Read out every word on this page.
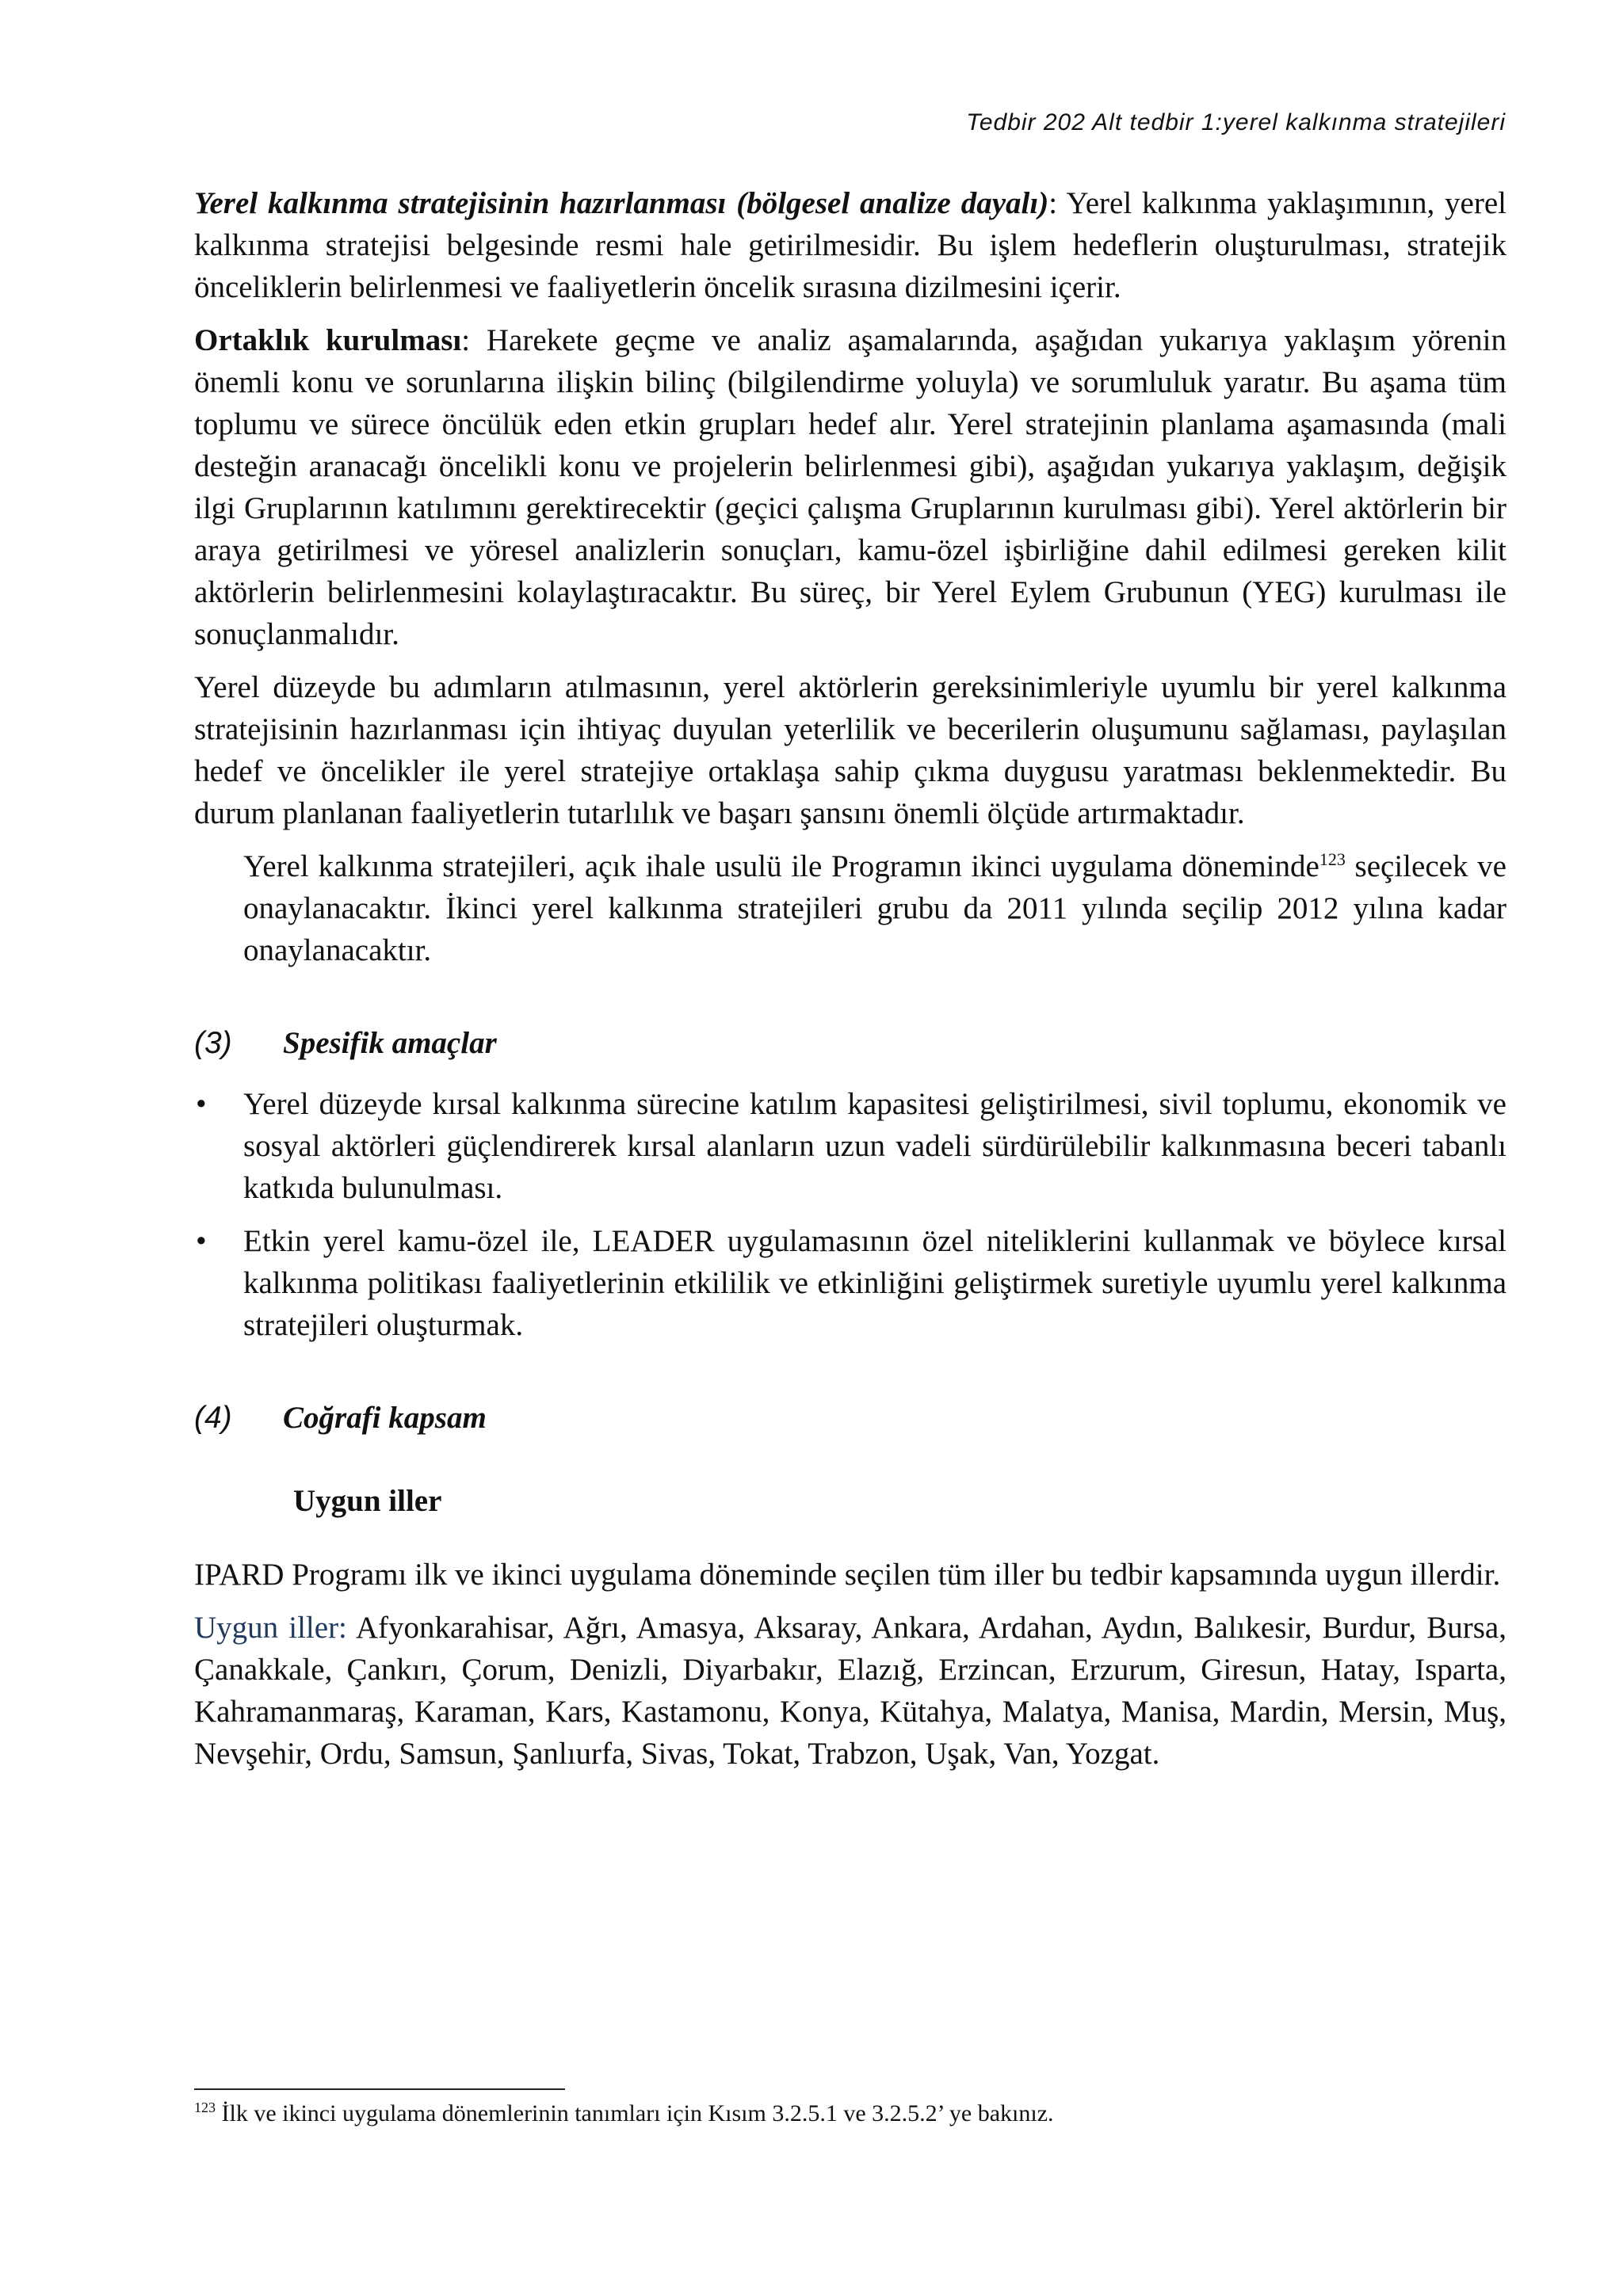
Tedbir 202 Alt tedbir 1:yerel kalkınma stratejileri

Yerel kalkınma stratejisinin hazırlanması (bölgesel analize dayalı): Yerel kalkınma yaklaşımının, yerel kalkınma stratejisi belgesinde resmi hale getirilmesidir. Bu işlem hedeflerin oluşturulması, stratejik önceliklerin belirlenmesi ve faaliyetlerin öncelik sırasına dizilmesini içerir.

Ortaklık kurulması: Harekete geçme ve analiz aşamalarında, aşağıdan yukarıya yaklaşım yörenin önemli konu ve sorunlarına ilişkin bilinç (bilgilendirme yoluyla) ve sorumluluk yaratır. Bu aşama tüm toplumu ve sürece öncülük eden etkin grupları hedef alır. Yerel stratejinin planlama aşamasında (mali desteğin aranacağı öncelikli konu ve projelerin belirlenmesi gibi), aşağıdan yukarıya yaklaşım, değişik ilgi Gruplarının katılımını gerektirecektir (geçici çalışma Gruplarının kurulması gibi). Yerel aktörlerin bir araya getirilmesi ve yöresel analizlerin sonuçları, kamu-özel işbirliğine dahil edilmesi gereken kilit aktörlerin belirlenmesini kolaylaştıracaktır. Bu süreç, bir Yerel Eylem Grubunun (YEG) kurulması ile sonuçlanmalıdır.

Yerel düzeyde bu adımların atılmasının, yerel aktörlerin gereksinimleriyle uyumlu bir yerel kalkınma stratejisinin hazırlanması için ihtiyaç duyulan yeterlilik ve becerilerin oluşumunu sağlaması, paylaşılan hedef ve öncelikler ile yerel stratejiye ortaklaşa sahip çıkma duygusu yaratması beklenmektedir. Bu durum planlanan faaliyetlerin tutarlılık ve başarı şansını önemli ölçüde artırmaktadır.

Yerel kalkınma stratejileri, açık ihale usulü ile Programın ikinci uygulama döneminde$^{123}$ seçilecek ve onaylanacaktır. İkinci yerel kalkınma stratejileri grubu da 2011 yılında seçilip 2012 yılına kadar onaylanacaktır.

(3)	Spesifik amaçlar
• Yerel düzeyde kırsal kalkınma sürecine katılım kapasitesi geliştirilmesi, sivil toplumu, ekonomik ve sosyal aktörleri güçlendirerek kırsal alanların uzun vadeli sürdürülebilir kalkınmasına beceri tabanlı katkıda bulunulması.
• Etkin yerel kamu-özel ile, LEADER uygulamasının özel niteliklerini kullanmak ve böylece kırsal kalkınma politikası faaliyetlerinin etkililik ve etkinliğini geliştirmek suretiyle uyumlu yerel kalkınma stratejileri oluşturmak.
(4)	Coğrafi kapsam
Uygun iller

IPARD Programı ilk ve ikinci uygulama döneminde seçilen tüm iller bu tedbir kapsamında uygun illerdir.

Uygun iller: Afyonkarahisar, Ağrı, Amasya, Aksaray, Ankara, Ardahan, Aydın, Balıkesir, Burdur, Bursa, Çanakkale, Çankırı, Çorum, Denizli, Diyarbakır, Elazığ, Erzincan, Erzurum, Giresun, Hatay, Isparta, Kahramanmaraş, Karaman, Kars, Kastamonu, Konya, Kütahya, Malatya, Manisa, Mardin, Mersin, Muş, Nevşehir, Ordu, Samsun, Şanlıurfa, Sivas, Tokat, Trabzon, Uşak, Van, Yozgat.

$^{123}$ İlk ve ikinci uygulama dönemlerinin tanımları için Kısım 3.2.5.1 ve 3.2.5.2’ ye bakınız.
